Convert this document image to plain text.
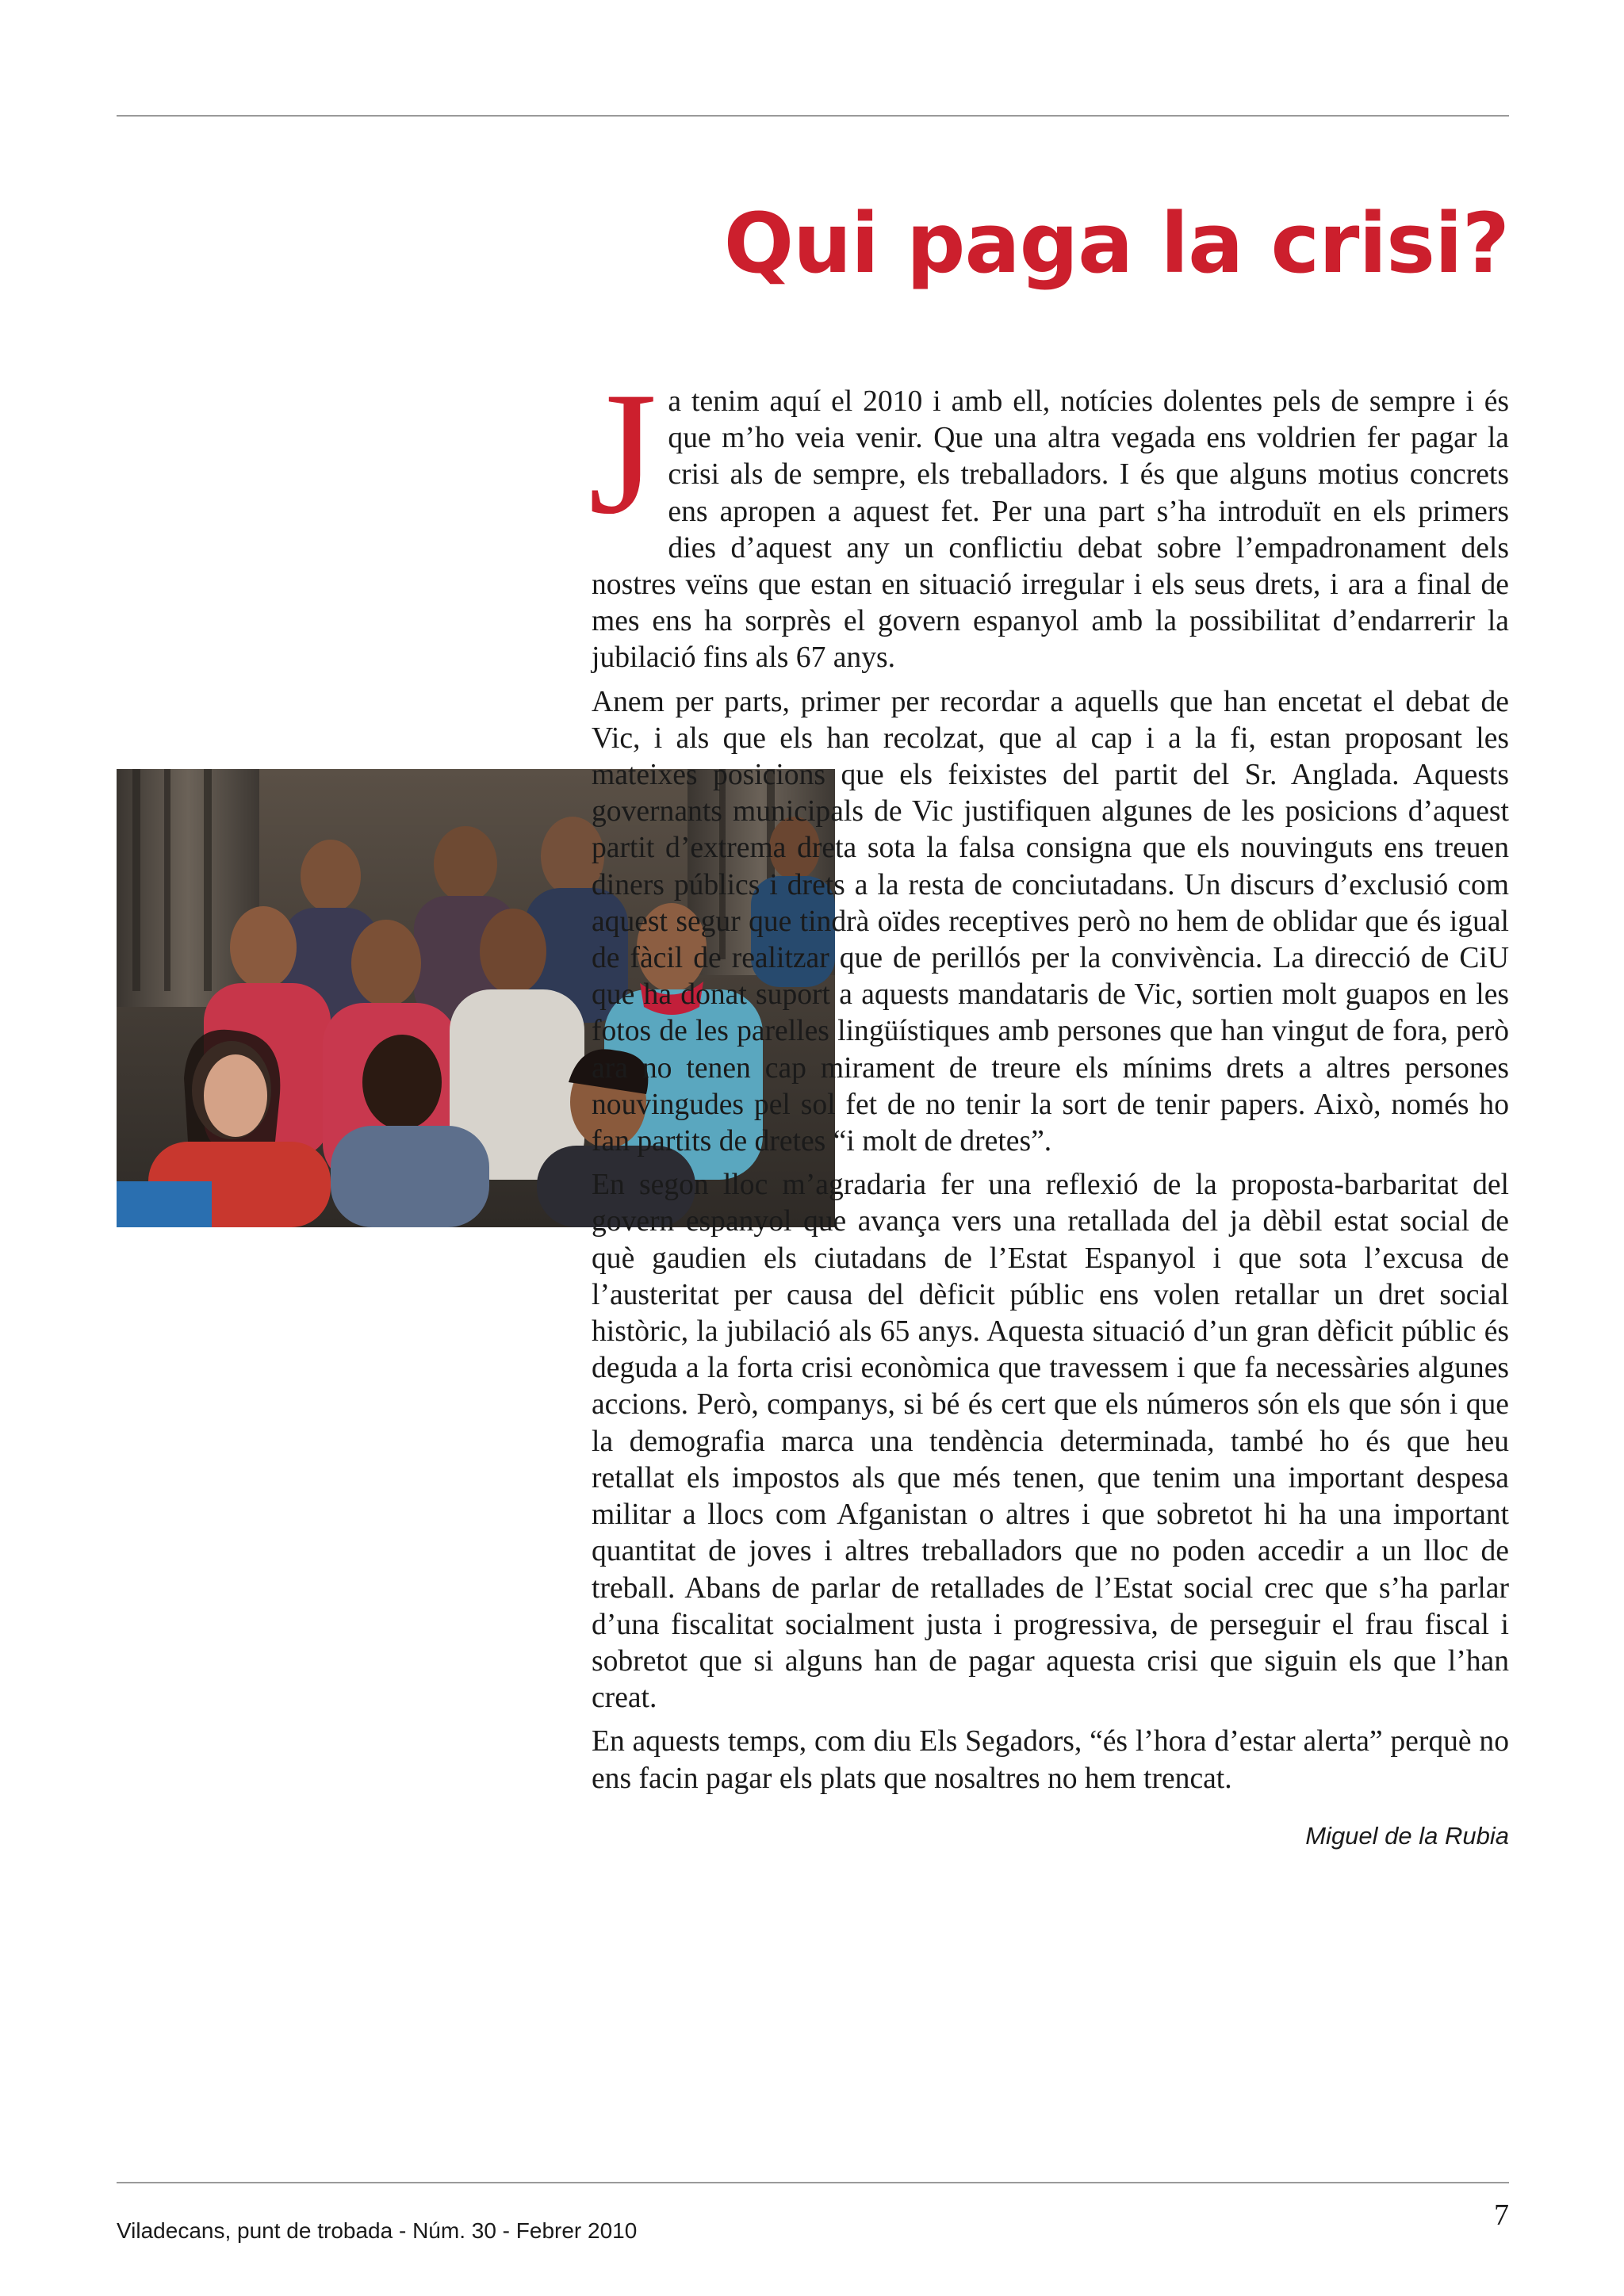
Qui paga la crisi?

Ja tenim aquí el 2010 i amb ell, notícies dolentes pels de sempre i és que m’ho veia venir. Que una altra vegada ens voldrien fer pagar la crisi als de sempre, els treballadors. I és que alguns motius concrets ens apropen a aquest fet. Per una part s’ha introduït en els primers dies d’aquest any un conflictiu debat sobre l’empadronament dels nostres veïns que estan en situació irregular i els seus drets, i ara a final de mes ens ha sorprès el govern espanyol amb la possibilitat d’endarrerir la jubilació fins als 67 anys.

Anem per parts, primer per recordar a aquells que han encetat el debat de Vic, i als que els han recolzat, que al cap i a la fi, estan proposant les mateixes posicions que els feixistes del partit del Sr. Anglada. Aquests governants municipals de Vic justifiquen algunes de les posicions d’aquest partit d’extrema dreta sota la falsa consigna que els nouvinguts ens treuen diners públics i drets a la resta de conciutadans. Un discurs d’exclusió com aquest segur que tindrà oïdes receptives però no hem de oblidar que és igual de fàcil de realitzar que de perillós per la convivència. La direcció de CiU que ha donat suport a aquests mandataris de Vic, sortien molt guapos en les fotos de les parelles lingüístiques amb persones que han vingut de fora, però ara no tenen cap mirament de treure els mínims drets a altres persones nouvingudes pel sol fet de no tenir la sort de tenir papers. Això, només ho fan partits de dretes “i molt de dretes”.

En segon lloc m’agradaria fer una reflexió de la proposta-barbaritat del govern espanyol que avança vers una retallada del ja dèbil estat social de què gaudien els ciutadans de l’Estat Espanyol i que sota l’excusa de l’austeritat per causa del dèficit públic ens volen retallar un dret social històric, la jubilació als 65 anys. Aquesta situació d’un gran dèficit públic és deguda a la forta crisi econòmica que travessem i que fa necessàries algunes accions. Però, companys, si bé és cert que els números són els que són i que la demografia marca una tendència determinada, també ho és que heu retallat els impostos als que més tenen, que tenim una important despesa militar a llocs com Afganistan o altres i que sobretot hi ha una important quantitat de joves i altres treballadors que no poden accedir a un lloc de treball. Abans de parlar de retallades de l’Estat social crec que s’ha parlar d’una fiscalitat socialment justa i progressiva, de perseguir el frau fiscal i sobretot que si alguns han de pagar aquesta crisi que siguin els que l’han creat.

En aquests temps, com diu Els Segadors, “és l’hora d’estar alerta” perquè no ens facin pagar els plats que nosaltres no hem trencat.

Miguel de la Rubia
Viladecans, punt de trobada - Núm. 30 - Febrer 2010	7
